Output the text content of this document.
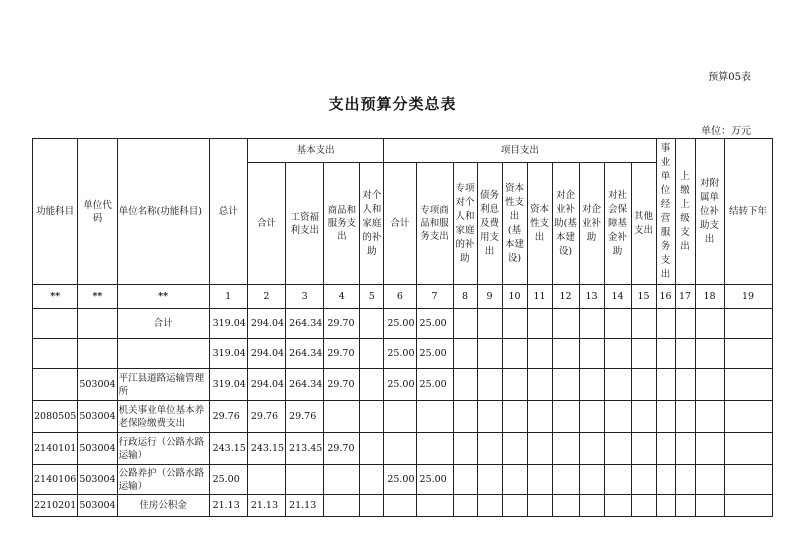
预算05表
支出预算分类总表
单位：万元
功能科目	单位代码	单位名称(功能科目)	总计	基本支出				项目支出										事业单位经营服务支出	上缴上级支出	对附属单位补助支出	结转下年
				合计	工资福利支出	商品和服务支出	对个人和家庭的补助	合计	专项商品和服务支出	专项对个人和家庭的补助	债务利息及费用支出	资本性支出(基本建设)	资本性支出	对企业补助(基本建设)	对企业补助	对社会保障基金补助	其他支出				
**	**	**	1	2	3	4	5	6	7	8	9	10	11	12	13	14	15	16	17	18	19
		合计	319.04	294.04	264.34	29.70		25.00	25.00												
			319.04	294.04	264.34	29.70		25.00	25.00												
	503004	平江县道路运输管理所	319.04	294.04	264.34	29.70		25.00	25.00												
2080505	503004	机关事业单位基本养老保险缴费支出	29.76	29.76	29.76																
2140101	503004	行政运行（公路水路运输）	243.15	243.15	213.45	29.70															
2140106	503004	公路养护（公路水路运输）	25.00					25.00	25.00												
2210201	503004	住房公积金	21.13	21.13	21.13																
